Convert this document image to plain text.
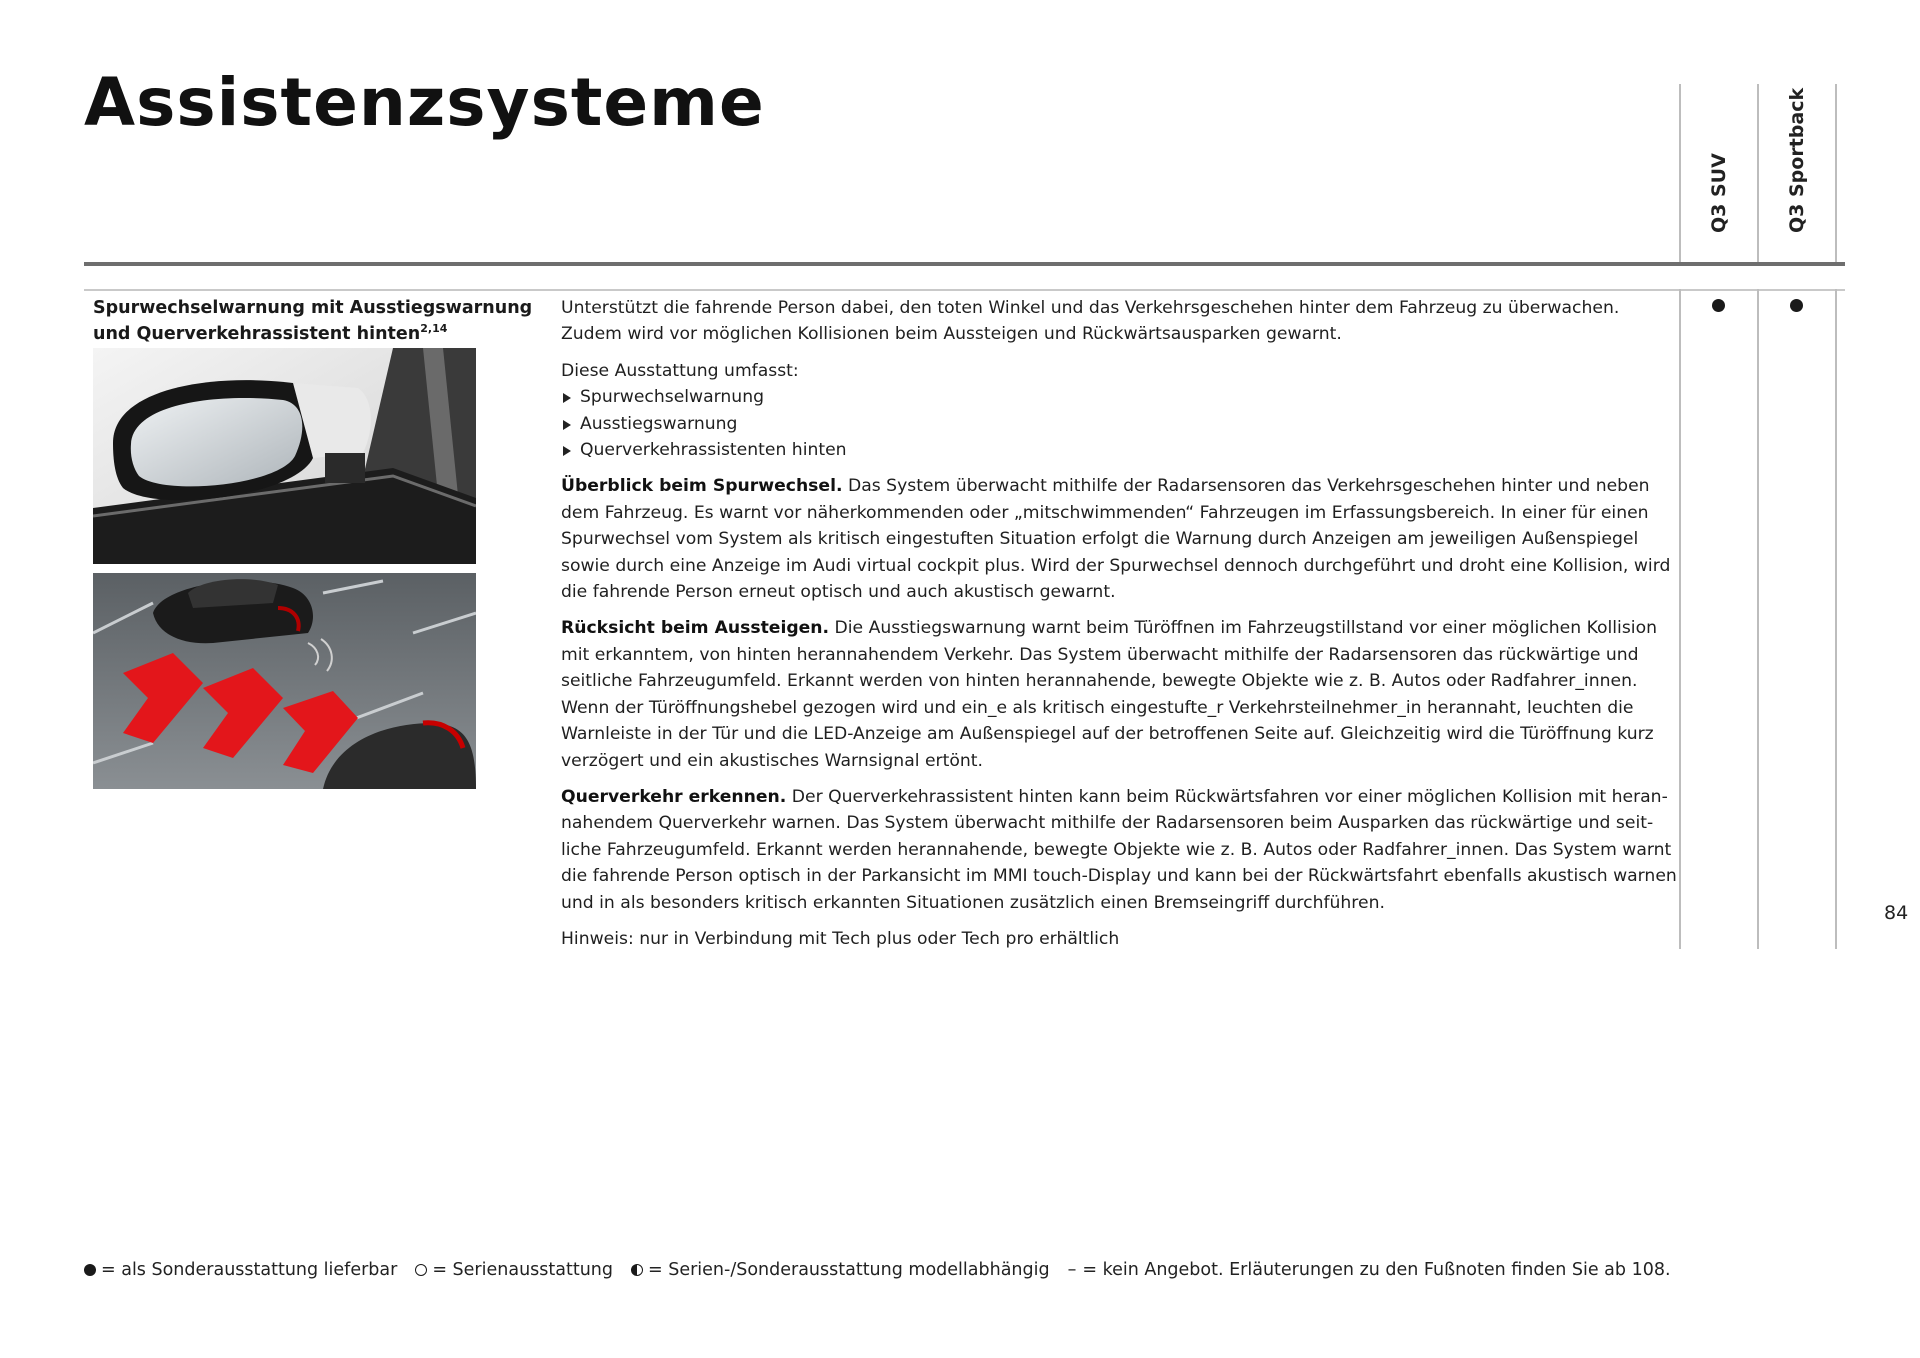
Assistenzsysteme
Q3 SUV	Q3 Sportback
Spurwechselwarnung mit Ausstiegswarnung und Querverkehrassistent hinten$^{2,14}$

Unterstützt die fahrende Person dabei, den toten Winkel und das Verkehrsgeschehen hinter dem Fahrzeug zu überwachen.
Zudem wird vor möglichen Kollisionen beim Aussteigen und Rückwärtsausparken gewarnt.

Diese Ausstattung umfasst:

Spurwechselwarnung
Ausstiegswarnung
Querverkehrassistenten hinten

Überblick beim Spurwechsel. Das System überwacht mithilfe der Radarsensoren das Verkehrsgeschehen hinter und neben dem Fahrzeug. Es warnt vor näherkommenden oder „mitschwimmenden“ Fahrzeugen im Erfassungsbereich. In einer für einen Spurwechsel vom System als kritisch eingestuften Situation erfolgt die Warnung durch Anzeigen am jeweiligen Außenspiegel sowie durch eine Anzeige im Audi virtual cockpit plus. Wird der Spurwechsel dennoch durchgeführt und droht eine Kollision, wird die fahrende Person erneut optisch und auch akustisch gewarnt.

Rücksicht beim Aussteigen. Die Ausstiegswarnung warnt beim Türöffnen im Fahrzeugstillstand vor einer möglichen Kollision mit erkanntem, von hinten herannahendem Verkehr. Das System überwacht mithilfe der Radarsensoren das rückwärtige und seitliche Fahrzeugumfeld. Erkannt werden von hinten herannahende, bewegte Objekte wie z. B. Autos oder Radfahrer_innen. Wenn der Türöffnungshebel gezogen wird und ein_e als kritisch eingestufte_r Verkehrsteilnehmer_in herannaht, leuchten die Warnleiste in der Tür und die LED-Anzeige am Außenspiegel auf der betroffenen Seite auf. Gleichzeitig wird die Türöffnung kurz verzögert und ein akustisches Warnsignal ertönt.

Querverkehr erkennen. Der Querverkehrassistent hinten kann beim Rückwärtsfahren vor einer möglichen Kollision mit herannahendem Querverkehr warnen. Das System überwacht mithilfe der Radarsensoren beim Ausparken das rückwärtige und seitliche Fahrzeugumfeld. Erkannt werden herannahende, bewegte Objekte wie z. B. Autos oder Radfahrer_innen. Das System warnt die fahrende Person optisch in der Parkansicht im MMI touch-Display und kann bei der Rückwärtsfahrt ebenfalls akustisch warnen und in als besonders kritisch erkannten Situationen zusätzlich einen Bremseingriff durchführen.

Hinweis: nur in Verbindung mit Tech plus oder Tech pro erhältlich

84
= als Sonderausstattung lieferbar = Serienausstattung = Serien-/Sonderausstattung modellabhängig – = kein Angebot. Erläuterungen zu den Fußnoten finden Sie ab 108.
